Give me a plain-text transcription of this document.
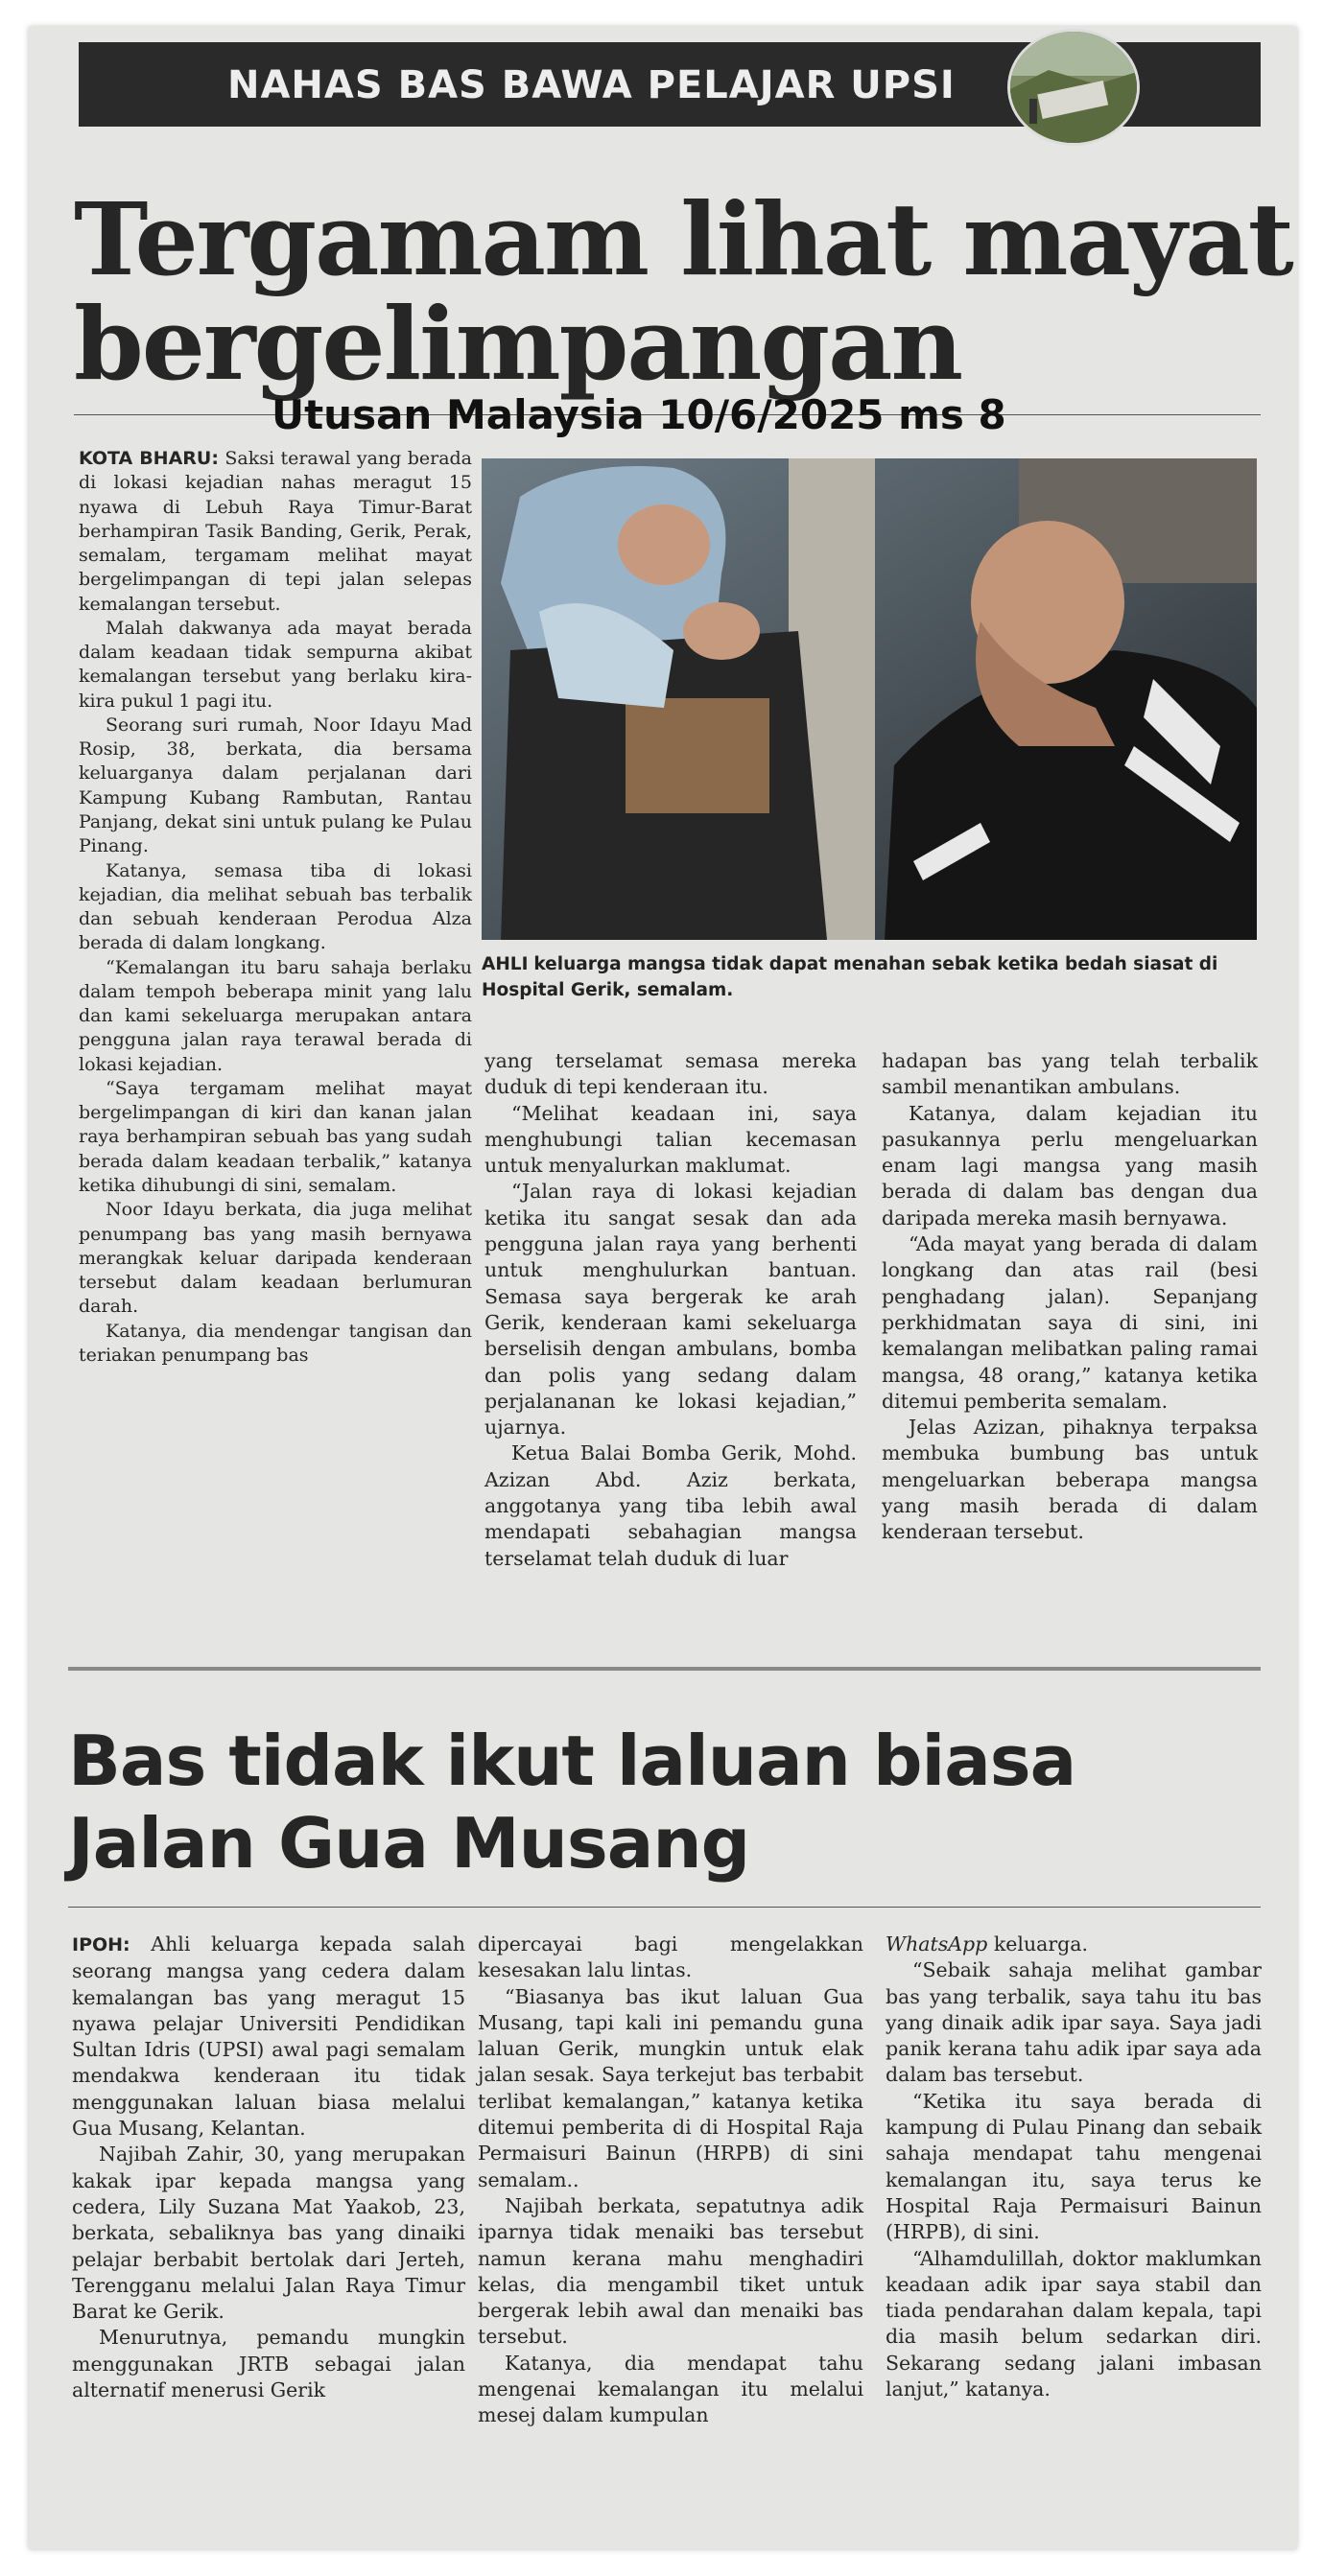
NAHAS BAS BAWA PELAJAR UPSI
Tergamam lihat mayat
bergelimpangan
Utusan Malaysia 10/6/2025 ms 8

KOTA BHARU: Saksi terawal yang berada di lokasi kejadian nahas meragut 15 nyawa di Lebuh Raya Timur-Barat berhampiran Tasik Banding, Gerik, Perak, semalam, tergamam melihat mayat bergelimpangan di tepi jalan selepas kemalangan tersebut.

Malah dakwanya ada mayat berada dalam keadaan tidak sempurna akibat kemalangan tersebut yang berlaku kira-kira pukul 1 pagi itu.

Seorang suri rumah, Noor Idayu Mad Rosip, 38, berkata, dia bersama keluarganya dalam perjalanan dari Kampung Kubang Rambutan, Rantau Panjang, dekat sini untuk pulang ke Pulau Pinang.

Katanya, semasa tiba di lokasi kejadian, dia melihat sebuah bas terbalik dan sebuah kenderaan Perodua Alza berada di dalam longkang.

“Kemalangan itu baru sahaja berlaku dalam tempoh beberapa minit yang lalu dan kami sekeluarga merupakan antara pengguna jalan raya terawal berada di lokasi kejadian.

“Saya tergamam melihat mayat bergelimpangan di kiri dan kanan jalan raya berhampiran sebuah bas yang sudah berada dalam keadaan terbalik,” katanya ketika dihubungi di sini, semalam.

Noor Idayu berkata, dia juga melihat penumpang bas yang masih bernyawa merangkak keluar daripada kenderaan tersebut dalam keadaan berlumuran darah.

Katanya, dia mendengar tangisan dan teriakan penumpang bas

AHLI keluarga mangsa tidak dapat menahan sebak ketika bedah siasat di Hospital Gerik, semalam.

yang terselamat semasa mereka duduk di tepi kenderaan itu.

“Melihat keadaan ini, saya menghubungi talian kecemasan untuk menyalurkan maklumat.

“Jalan raya di lokasi kejadian ketika itu sangat sesak dan ada pengguna jalan raya yang berhenti untuk menghulurkan bantuan. Semasa saya bergerak ke arah Gerik, kenderaan kami sekeluarga berselisih dengan ambulans, bomba dan polis yang sedang dalam perjalananan ke lokasi kejadian,” ujarnya.

Ketua Balai Bomba Gerik, Mohd. Azizan Abd. Aziz berkata, anggotanya yang tiba lebih awal mendapati sebahagian mangsa terselamat telah duduk di luar

hadapan bas yang telah terbalik sambil menantikan ambulans.

Katanya, dalam kejadian itu pasukannya perlu mengeluarkan enam lagi mangsa yang masih berada di dalam bas dengan dua daripada mereka masih bernyawa.

“Ada mayat yang berada di dalam longkang dan atas rail (besi penghadang jalan). Sepanjang perkhidmatan saya di sini, ini kemalangan melibatkan paling ramai mangsa, 48 orang,” katanya ketika ditemui pemberita semalam.

Jelas Azizan, pihaknya terpaksa membuka bumbung bas untuk mengeluarkan beberapa mangsa yang masih berada di dalam kenderaan tersebut.

Bas tidak ikut laluan biasa
Jalan Gua Musang

IPOH: Ahli keluarga kepada salah seorang mangsa yang cedera dalam kemalangan bas yang meragut 15 nyawa pelajar Universiti Pendidikan Sultan Idris (UPSI) awal pagi semalam mendakwa kenderaan itu tidak menggunakan laluan biasa melalui Gua Musang, Kelantan.

Najibah Zahir, 30, yang merupakan kakak ipar kepada mangsa yang cedera, Lily Suzana Mat Yaakob, 23, berkata, sebaliknya bas yang dinaiki pelajar berbabit bertolak dari Jerteh, Terengganu melalui Jalan Raya Timur Barat ke Gerik.

Menurutnya, pemandu mungkin menggunakan JRTB sebagai jalan alternatif menerusi Gerik

dipercayai bagi mengelakkan kesesakan lalu lintas.

“Biasanya bas ikut laluan Gua Musang, tapi kali ini pemandu guna laluan Gerik, mungkin untuk elak jalan sesak. Saya terkejut bas terbabit terlibat kemalangan,” katanya ketika ditemui pemberita di di Hospital Raja Permaisuri Bainun (HRPB) di sini semalam..

Najibah berkata, sepatutnya adik iparnya tidak menaiki bas tersebut namun kerana mahu menghadiri kelas, dia mengambil tiket untuk bergerak lebih awal dan menaiki bas tersebut.

Katanya, dia mendapat tahu mengenai kemalangan itu melalui mesej dalam kumpulan

WhatsApp keluarga.

“Sebaik sahaja melihat gambar bas yang terbalik, saya tahu itu bas yang dinaik adik ipar saya. Saya jadi panik kerana tahu adik ipar saya ada dalam bas tersebut.

“Ketika itu saya berada di kampung di Pulau Pinang dan sebaik sahaja mendapat tahu mengenai kemalangan itu, saya terus ke Hospital Raja Permaisuri Bainun (HRPB), di sini.

“Alhamdulillah, doktor maklumkan keadaan adik ipar saya stabil dan tiada pendarahan dalam kepala, tapi dia masih belum sedarkan diri. Sekarang sedang jalani imbasan lanjut,” katanya.
